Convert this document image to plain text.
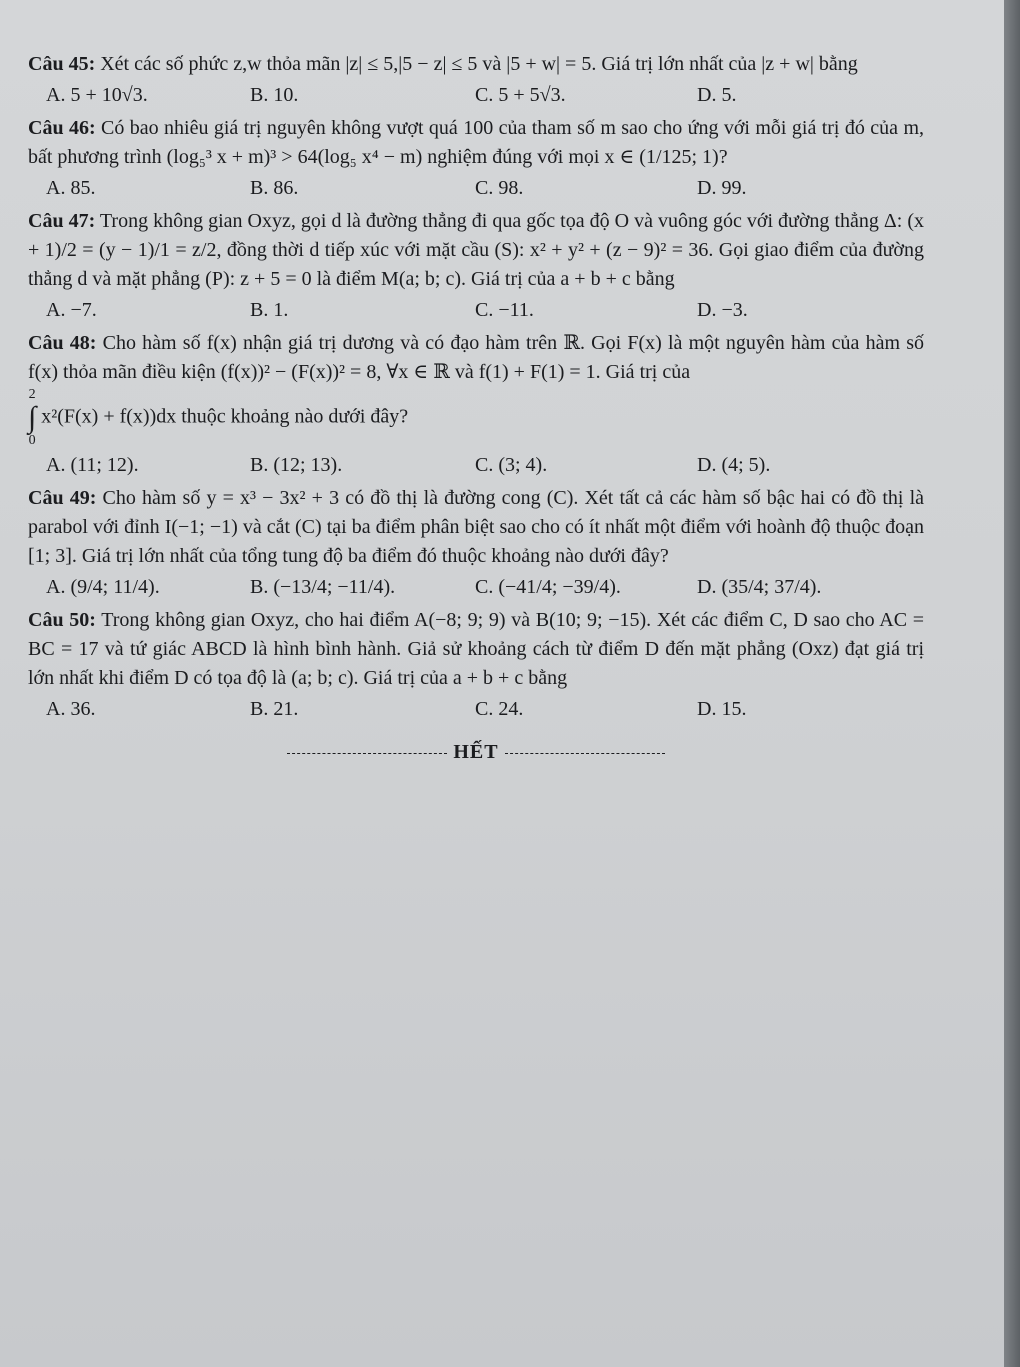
Câu 45: Xét các số phức z,w thỏa mãn |z| ≤ 5,|5 − z| ≤ 5 và |5 + w| = 5. Giá trị lớn nhất của |z + w| bằng
A. 5 + 10√3.	B. 10.	C. 5 + 5√3.	D. 5.
Câu 46: Có bao nhiêu giá trị nguyên không vượt quá 100 của tham số m sao cho ứng với mỗi giá trị đó của m, bất phương trình (log₅³ x + m)³ > 64(log₅ x⁴ − m) nghiệm đúng với mọi x ∈ (1/125; 1)?
A. 85.	B. 86.	C. 98.	D. 99.
Câu 47: Trong không gian Oxyz, gọi d là đường thẳng đi qua gốc tọa độ O và vuông góc với đường thẳng Δ: (x + 1)/2 = (y − 1)/1 = z/2, đồng thời d tiếp xúc với mặt cầu (S): x² + y² + (z − 9)² = 36. Gọi giao điểm của đường thẳng d và mặt phẳng (P): z + 5 = 0 là điểm M(a; b; c). Giá trị của a + b + c bằng
A. −7.	B. 1.	C. −11.	D. −3.
Câu 48: Cho hàm số f(x) nhận giá trị dương và có đạo hàm trên ℝ. Gọi F(x) là một nguyên hàm của hàm số f(x) thỏa mãn điều kiện (f(x))² − (F(x))² = 8, ∀x ∈ ℝ và f(1) + F(1) = 1. Giá trị của
2
∫
0 x²(F(x) + f(x))dx thuộc khoảng nào dưới đây?
A. (11; 12).	B. (12; 13).	C. (3; 4).	D. (4; 5).
Câu 49: Cho hàm số y = x³ − 3x² + 3 có đồ thị là đường cong (C). Xét tất cả các hàm số bậc hai có đồ thị là parabol với đỉnh I(−1; −1) và cắt (C) tại ba điểm phân biệt sao cho có ít nhất một điểm với hoành độ thuộc đoạn [1; 3]. Giá trị lớn nhất của tổng tung độ ba điểm đó thuộc khoảng nào dưới đây?
A. (9/4; 11/4).	B. (−13/4; −11/4).	C. (−41/4; −39/4).	D. (35/4; 37/4).
Câu 50: Trong không gian Oxyz, cho hai điểm A(−8; 9; 9) và B(10; 9; −15). Xét các điểm C, D sao cho AC = BC = 17 và tứ giác ABCD là hình bình hành. Giả sử khoảng cách từ điểm D đến mặt phẳng (Oxz) đạt giá trị lớn nhất khi điểm D có tọa độ là (a; b; c). Giá trị của a + b + c bằng
A. 36.	B. 21.	C. 24.	D. 15.
HẾT
